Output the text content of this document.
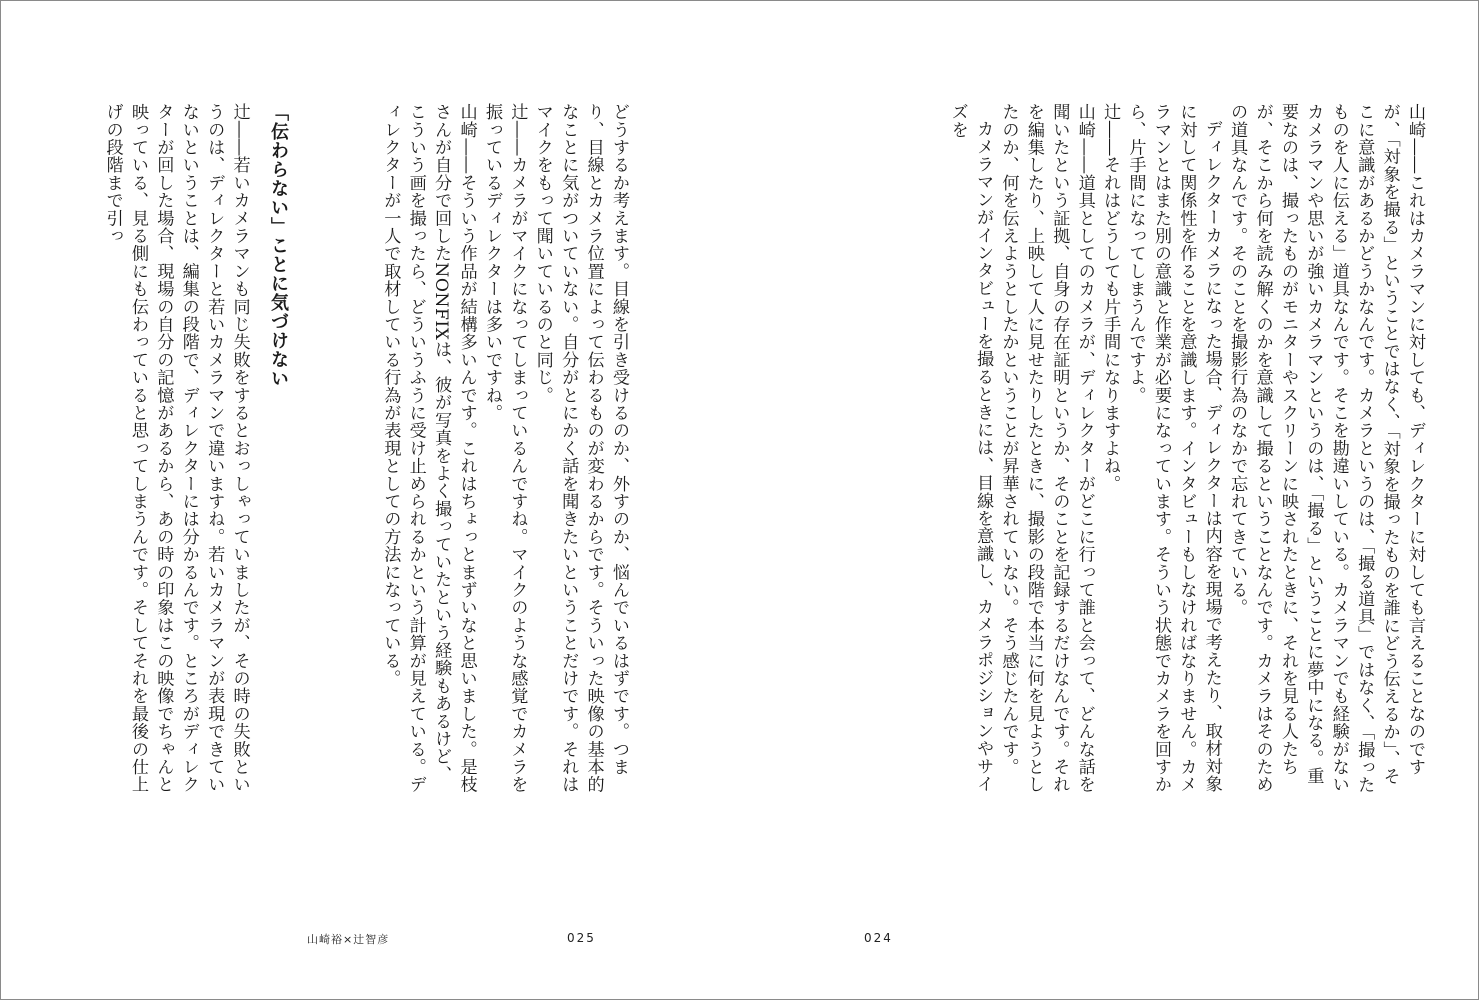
どうするか考えます。目線を引き受けるのか、外すのか、悩んでいるはずです。つまり、目線とカメラ位置によって伝わるものが変わるからです。そういった映像の基本的なことに気がついていない。自分がとにかく話を聞きたいということだけです。それはマイクをもって聞いているのと同じ。

辻――カメラがマイクになってしまっているんですね。マイクのような感覚でカメラを振っているディレクターは多いですね。

山崎――そういう作品が結構多いんです。これはちょっとまずいなと思いました。是枝さんが自分で回したNONFIXは、彼が写真をよく撮っていたという経験もあるけど、こういう画を撮ったら、どういうふうに受け止められるかという計算が見えている。ディレクターが一人で取材している行為が表現としての方法になっている。

「伝わらない」ことに気づけない

辻――若いカメラマンも同じ失敗をするとおっしゃっていましたが、その時の失敗というのは、ディレクターと若いカメラマンで違いますね。若いカメラマンが表現できていないということは、編集の段階で、ディレクターには分かるんです。ところがディレクターが回した場合、現場の自分の記憶があるから、あの時の印象はこの映像でちゃんと映っている、見る側にも伝わっていると思ってしまうんです。そしてそれを最後の仕上げの段階まで引っ

山崎裕×辻智彦	025

山崎――これはカメラマンに対しても、ディレクターに対しても言えることなのですが、「対象を撮る」ということではなく、「対象を撮ったものを誰にどう伝えるか」、そこに意識があるかどうかなんです。カメラというのは、「撮る道具」ではなく、「撮ったものを人に伝える」道具なんです。そこを勘違いしている。カメラマンでも経験がないカメラマンや思いが強いカメラマンというのは、「撮る」ということに夢中になる。重要なのは、撮ったものがモニターやスクリーンに映されたときに、それを見る人たちが、そこから何を読み解くのかを意識して撮るということなんです。カメラはそのための道具なんです。そのことを撮影行為のなかで忘れてきている。

ディレクターカメラになった場合、ディレクターは内容を現場で考えたり、取材対象に対して関係性を作ることを意識します。インタビューもしなければなりません。カメラマンとはまた別の意識と作業が必要になっています。そういう状態でカメラを回すから、片手間になってしまうんですよ。

辻――それはどうしても片手間になりますよね。

山崎――道具としてのカメラが、ディレクターがどこに行って誰と会って、どんな話を聞いたという証拠、自身の存在証明というか、そのことを記録するだけなんです。それを編集したり、上映して人に見せたりしたときに、撮影の段階で本当に何を見ようとしたのか、何を伝えようとしたかということが昇華されていない。そう感じたんです。

カメラマンがインタビューを撮るときには、目線を意識し、カメラポジションやサイズを

024
